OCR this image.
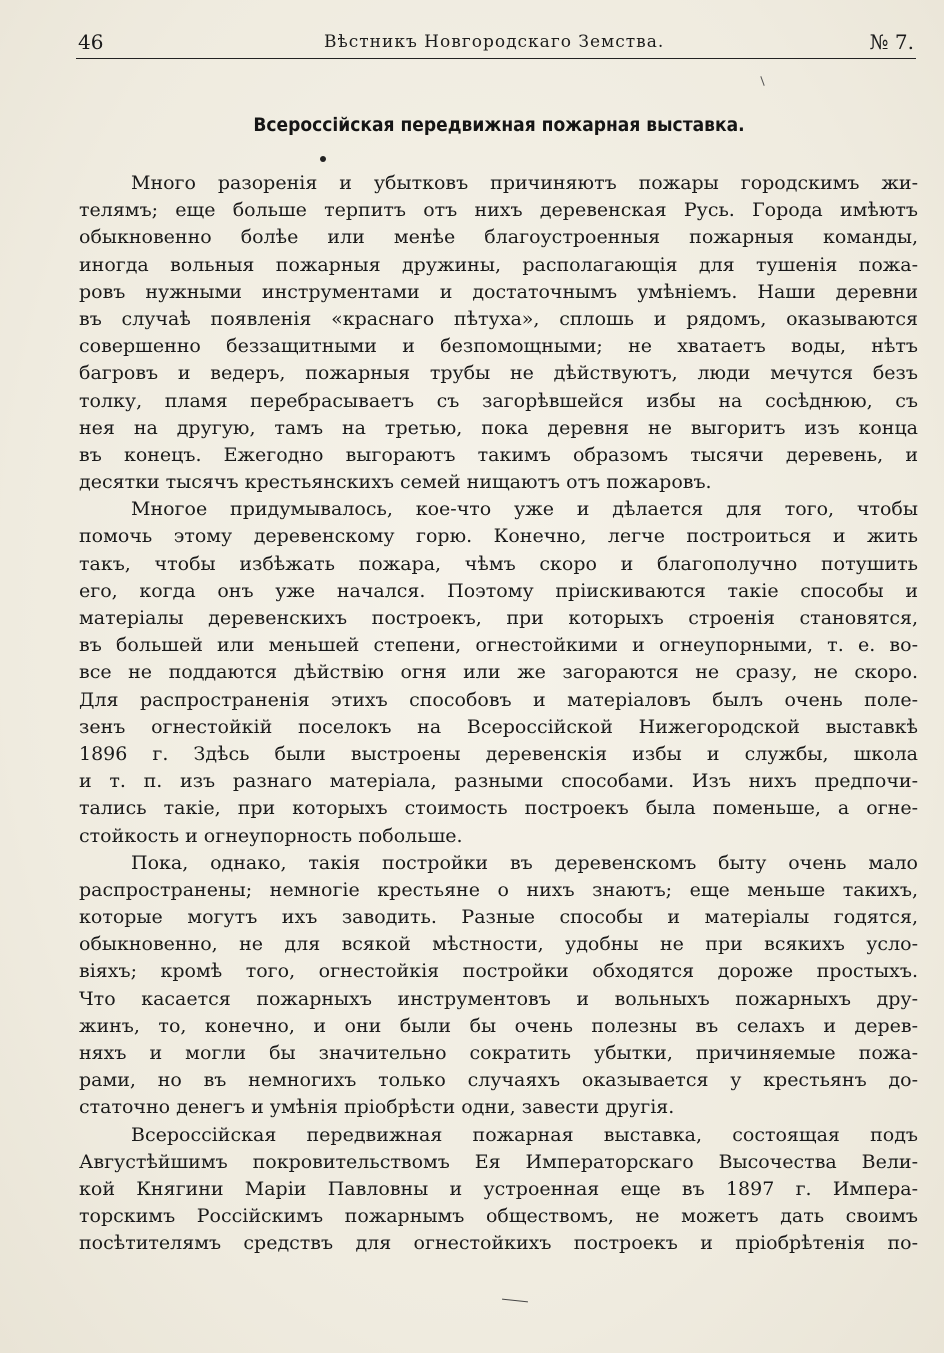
46	Вѣстникъ Новгородскаго Земства.	№ 7.
Всероссійская передвижная пожарная выставка.
Много разоренія и убытковъ причиняютъ пожары городскимъ жи-
телямъ; еще больше терпитъ отъ нихъ деревенская Русь. Города имѣютъ
обыкновенно болѣе или менѣе благоустроенныя пожарныя команды,
иногда вольныя пожарныя дружины, располагающія для тушенія пожа-
ровъ нужными инструментами и достаточнымъ умѣніемъ. Наши деревни
въ случаѣ появленія «краснаго пѣтуха», сплошь и рядомъ, оказываются
совершенно беззащитными и безпомощными; не хватаетъ воды, нѣтъ
багровъ и ведеръ, пожарныя трубы не дѣйствуютъ, люди мечутся безъ
толку, пламя перебрасываетъ съ загорѣвшейся избы на сосѣднюю, съ
нея на другую, тамъ на третью, пока деревня не выгоритъ изъ конца
въ конецъ. Ежегодно выгораютъ такимъ образомъ тысячи деревень, и
десятки тысячъ крестьянскихъ семей нищаютъ отъ пожаровъ.
Многое придумывалось, кое-что уже и дѣлается для того, чтобы
помочь этому деревенскому горю. Конечно, легче построиться и жить
такъ, чтобы избѣжать пожара, чѣмъ скоро и благополучно потушить
его, когда онъ уже начался. Поэтому пріискиваются такіе способы и
матеріалы деревенскихъ построекъ, при которыхъ строенія становятся,
въ большей или меньшей степени, огнестойкими и огнеупорными, т. е. во-
все не поддаются дѣйствію огня или же загораются не сразу, не скоро.
Для распространенія этихъ способовъ и матеріаловъ былъ очень поле-
зенъ огнестойкій поселокъ на Всероссійской Нижегородской выставкѣ
1896 г. Здѣсь были выстроены деревенскія избы и службы, школа
и т. п. изъ разнаго матеріала, разными способами. Изъ нихъ предпочи-
тались такіе, при которыхъ стоимость построекъ была поменьше, а огне-
стойкость и огнеупорность побольше.
Пока, однако, такія постройки въ деревенскомъ быту очень мало
распространены; немногіе крестьяне о нихъ знаютъ; еще меньше такихъ,
которые могутъ ихъ заводить. Разные способы и матеріалы годятся,
обыкновенно, не для всякой мѣстности, удобны не при всякихъ усло-
віяхъ; кромѣ того, огнестойкія постройки обходятся дороже простыхъ.
Что касается пожарныхъ инструментовъ и вольныхъ пожарныхъ дру-
жинъ, то, конечно, и они были бы очень полезны въ селахъ и дерев-
няхъ и могли бы значительно сократить убытки, причиняемые пожа-
рами, но въ немногихъ только случаяхъ оказывается у крестьянъ до-
статочно денегъ и умѣнія пріобрѣсти одни, завести другія.
Всероссійская передвижная пожарная выставка, состоящая подъ
Августѣйшимъ покровительствомъ Ея Императорскаго Высочества Вели-
кой Княгини Маріи Павловны и устроенная еще въ 1897 г. Импера-
торскимъ Россійскимъ пожарнымъ обществомъ, не можетъ дать своимъ
посѣтителямъ средствъ для огнестойкихъ построекъ и пріобрѣтенія по-
